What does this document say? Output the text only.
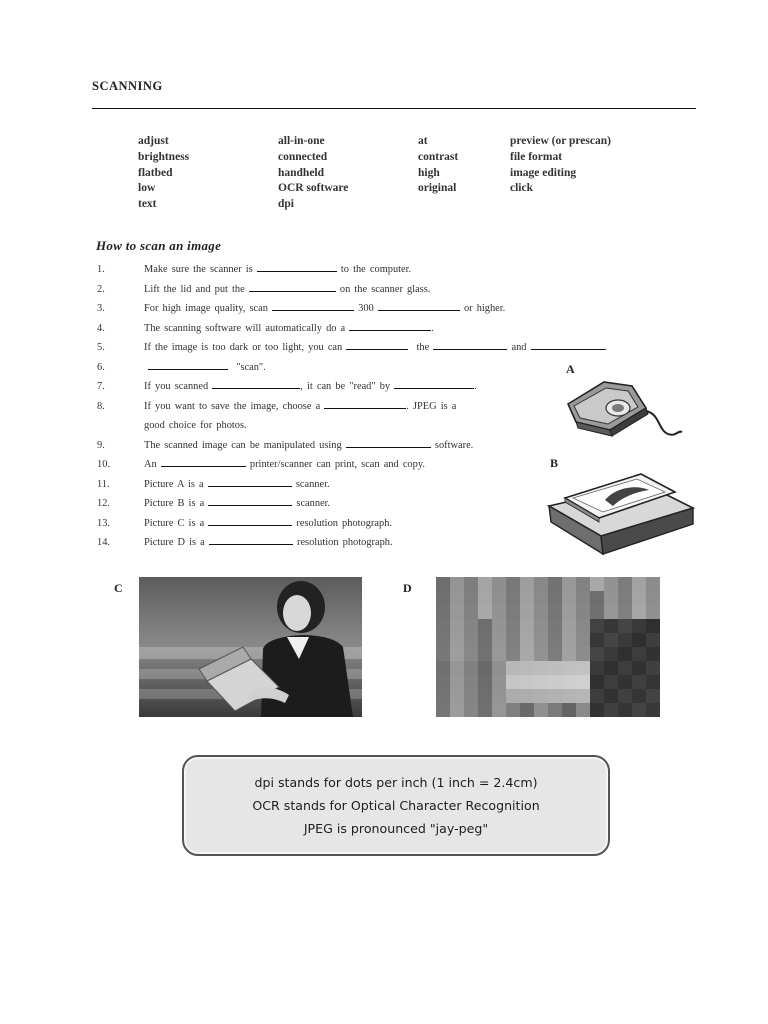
SCANNING
adjust	all-in-one	at	preview (or prescan)
brightness	connected	contrast	file format
flatbed	handheld	high	image editing
low	OCR software	original	click
text	dpi
How to scan an image
1.	Make sure the scanner is	to the computer.
2.	Lift the lid and put the	on the scanner glass.
3.	For high image quality, scan	300	or higher.
4.	The scanning software will automatically do a	.
5.	If the image is too dark or too light, you can	the	and	.
6.	"scan".
7.	If you scanned	, it can be "read" by	.
8.	If you want to save the image, choose a	. JPEG is a
good choice for photos.
9.	The scanned image can be manipulated using	software.
10.	An	printer/scanner can print, scan and copy.
11.	Picture A is a	scanner.
12.	Picture B is a	scanner.
13.	Picture C is a	resolution photograph.
14.	Picture D is a	resolution photograph.
A
B
C	D
dpi stands for dots per inch (1 inch = 2.4cm)
OCR stands for Optical Character Recognition
JPEG is pronounced "jay-peg"
